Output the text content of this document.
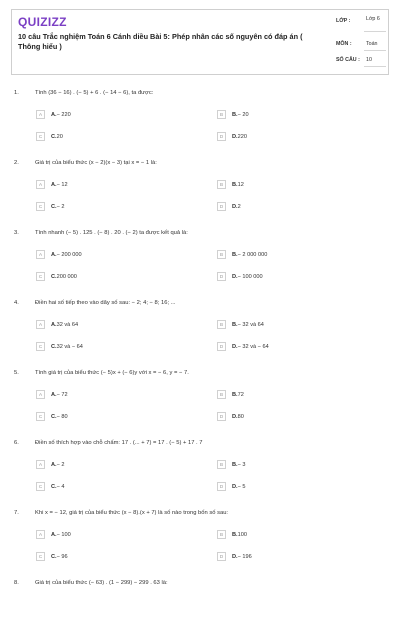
QUIZIZZ
10 câu Trắc nghiệm Toán 6 Cánh diều Bài 5: Phép nhân các số nguyên có đáp án ( Thông hiểu )
LỚP :	Lớp 6
MÔN :	Toán
SỐ CÂU : 10
1.	Tính (36 − 16) . (− 5) + 6 . (− 14 − 6), ta được:
A	A.− 220	B	B.− 20
C	C.20	D	D.220
2.	Giá trị của biểu thức (x − 2)(x − 3) tại x = − 1 là:
A	A.− 12	B	B.12
C	C.− 2	D	D.2
3.	Tính nhanh (− 5) . 125 . (− 8) . 20 . (− 2) ta được kết quả là:
A	A.− 200 000	B	B.− 2 000 000
C	C.200 000	D	D.− 100 000
4.	Điền hai số tiếp theo vào dãy số sau: − 2; 4; − 8; 16; ...
A	A.32 và 64	B	B.− 32 và 64
C	C.32 và − 64	D	D.− 32 và − 64
5.	Tính giá trị của biểu thức (− 5)x + (− 6)y với x = − 6, y = − 7.
A	A.− 72	B	B.72
C	C.− 80	D	D.80
6.	Điền số thích hợp vào chỗ chấm: 17 . (... + 7) = 17 . (− 5) + 17 . 7
A	A.− 2	B	B.− 3
C	C.− 4	D	D.− 5
7.	Khi x = − 12, giá trị của biểu thức (x − 8).(x + 7) là số nào trong bốn số sau:
A	A.− 100	B	B.100
C	C.− 96	D	D.− 196
8.	Giá trị của biểu thức (− 63) . (1 − 299) − 299 . 63 là:
